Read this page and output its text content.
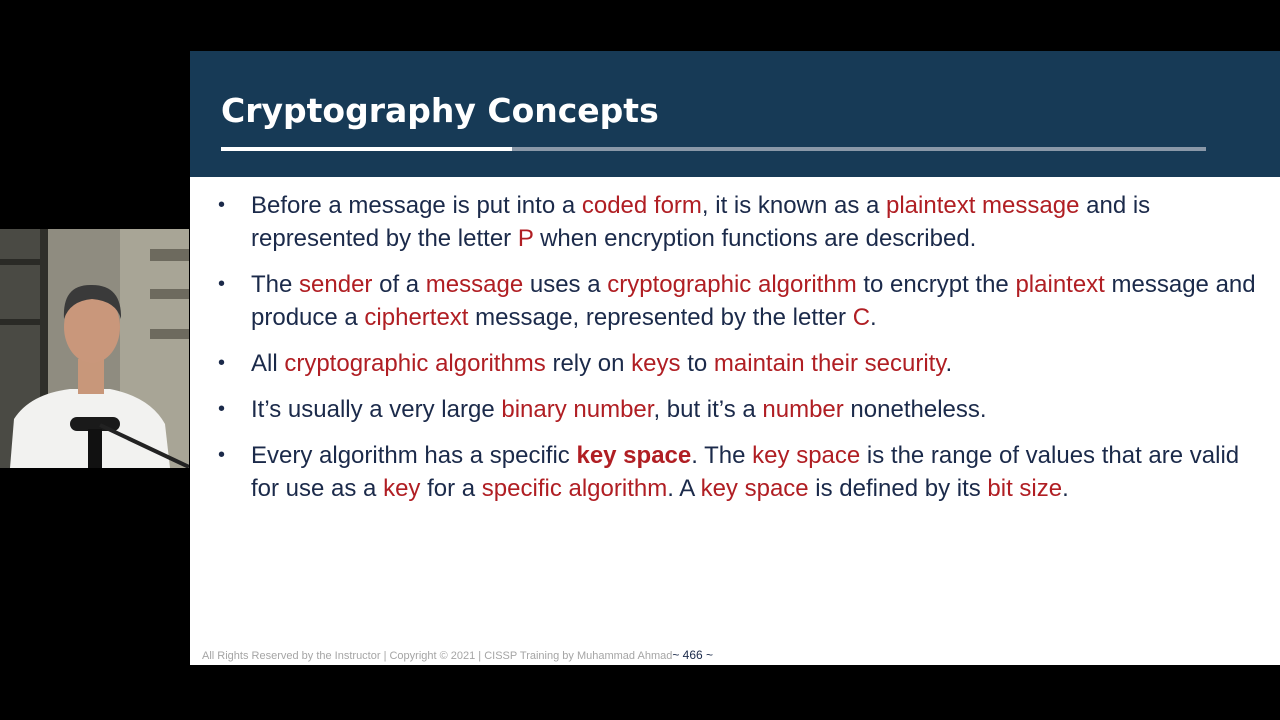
Cryptography Concepts
•	Before a message is put into a coded form, it is known as a plaintext message and is represented by the letter P when encryption functions are described.
•	The sender of a message uses a cryptographic algorithm to encrypt the plaintext message and produce a ciphertext message, represented by the letter C.
•	All cryptographic algorithms rely on keys to maintain their security.
•	It’s usually a very large binary number, but it’s a number nonetheless.
•	Every algorithm has a specific key space. The key space is the range of values that are valid for use as a key for a specific algorithm. A key space is defined by its bit size.
All Rights Reserved by the Instructor | Copyright © 2021 | CISSP Training by Muhammad Ahmad~ 466 ~
